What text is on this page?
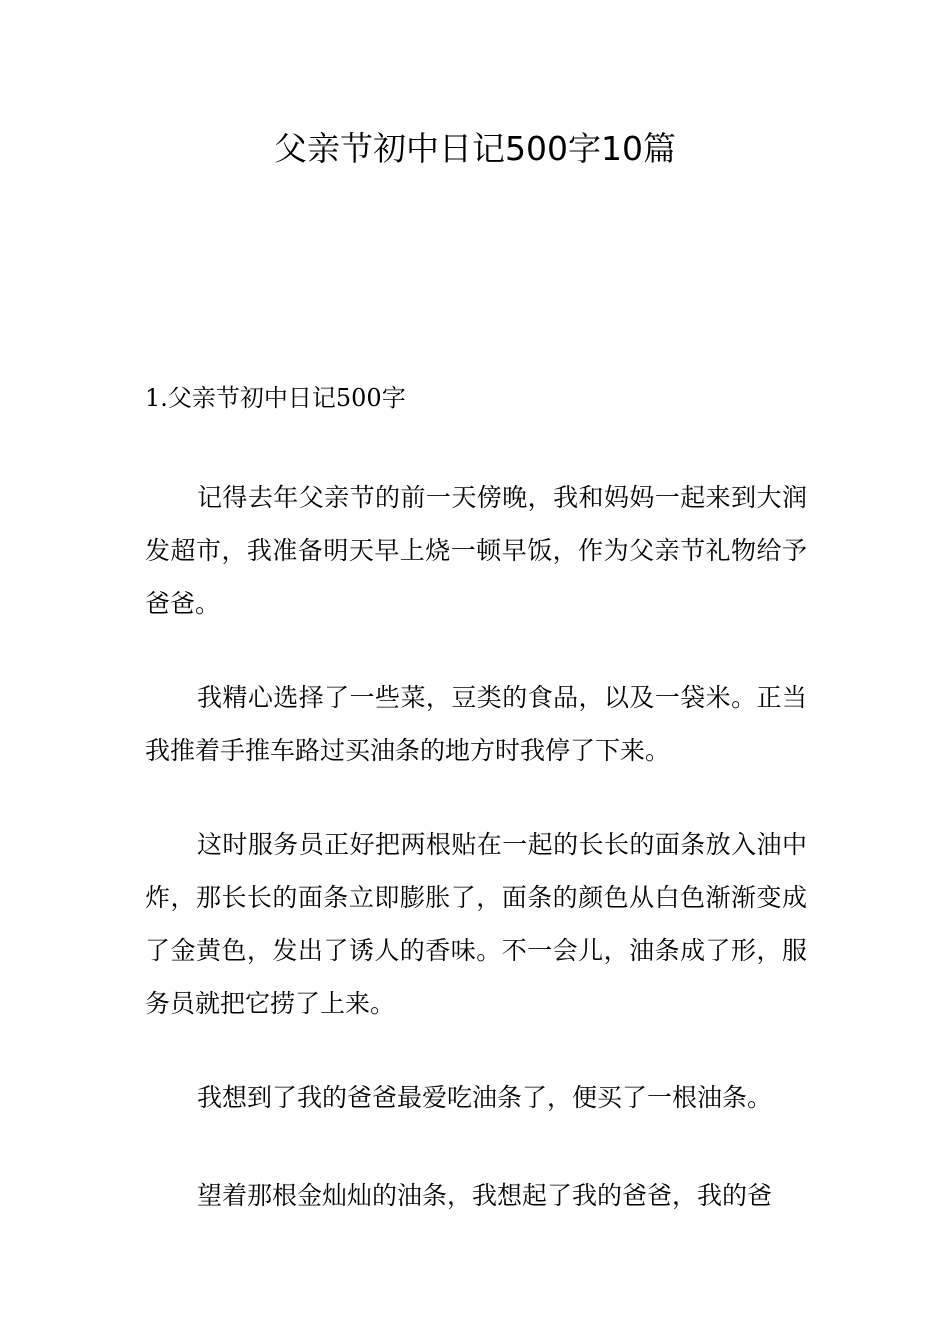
父亲节初中日记500字10篇

1.父亲节初中日记500字

记得去年父亲节的前一天傍晚，我和妈妈一起来到大润发超市，我准备明天早上烧一顿早饭，作为父亲节礼物给予爸爸。

我精心选择了一些菜，豆类的食品，以及一袋米。正当我推着手推车路过买油条的地方时我停了下来。

这时服务员正好把两根贴在一起的长长的面条放入油中炸，那长长的面条立即膨胀了，面条的颜色从白色渐渐变成了金黄色，发出了诱人的香味。不一会儿，油条成了形，服务员就把它捞了上来。

我想到了我的爸爸最爱吃油条了，便买了一根油条。

望着那根金灿灿的油条，我想起了我的爸爸，我的爸
